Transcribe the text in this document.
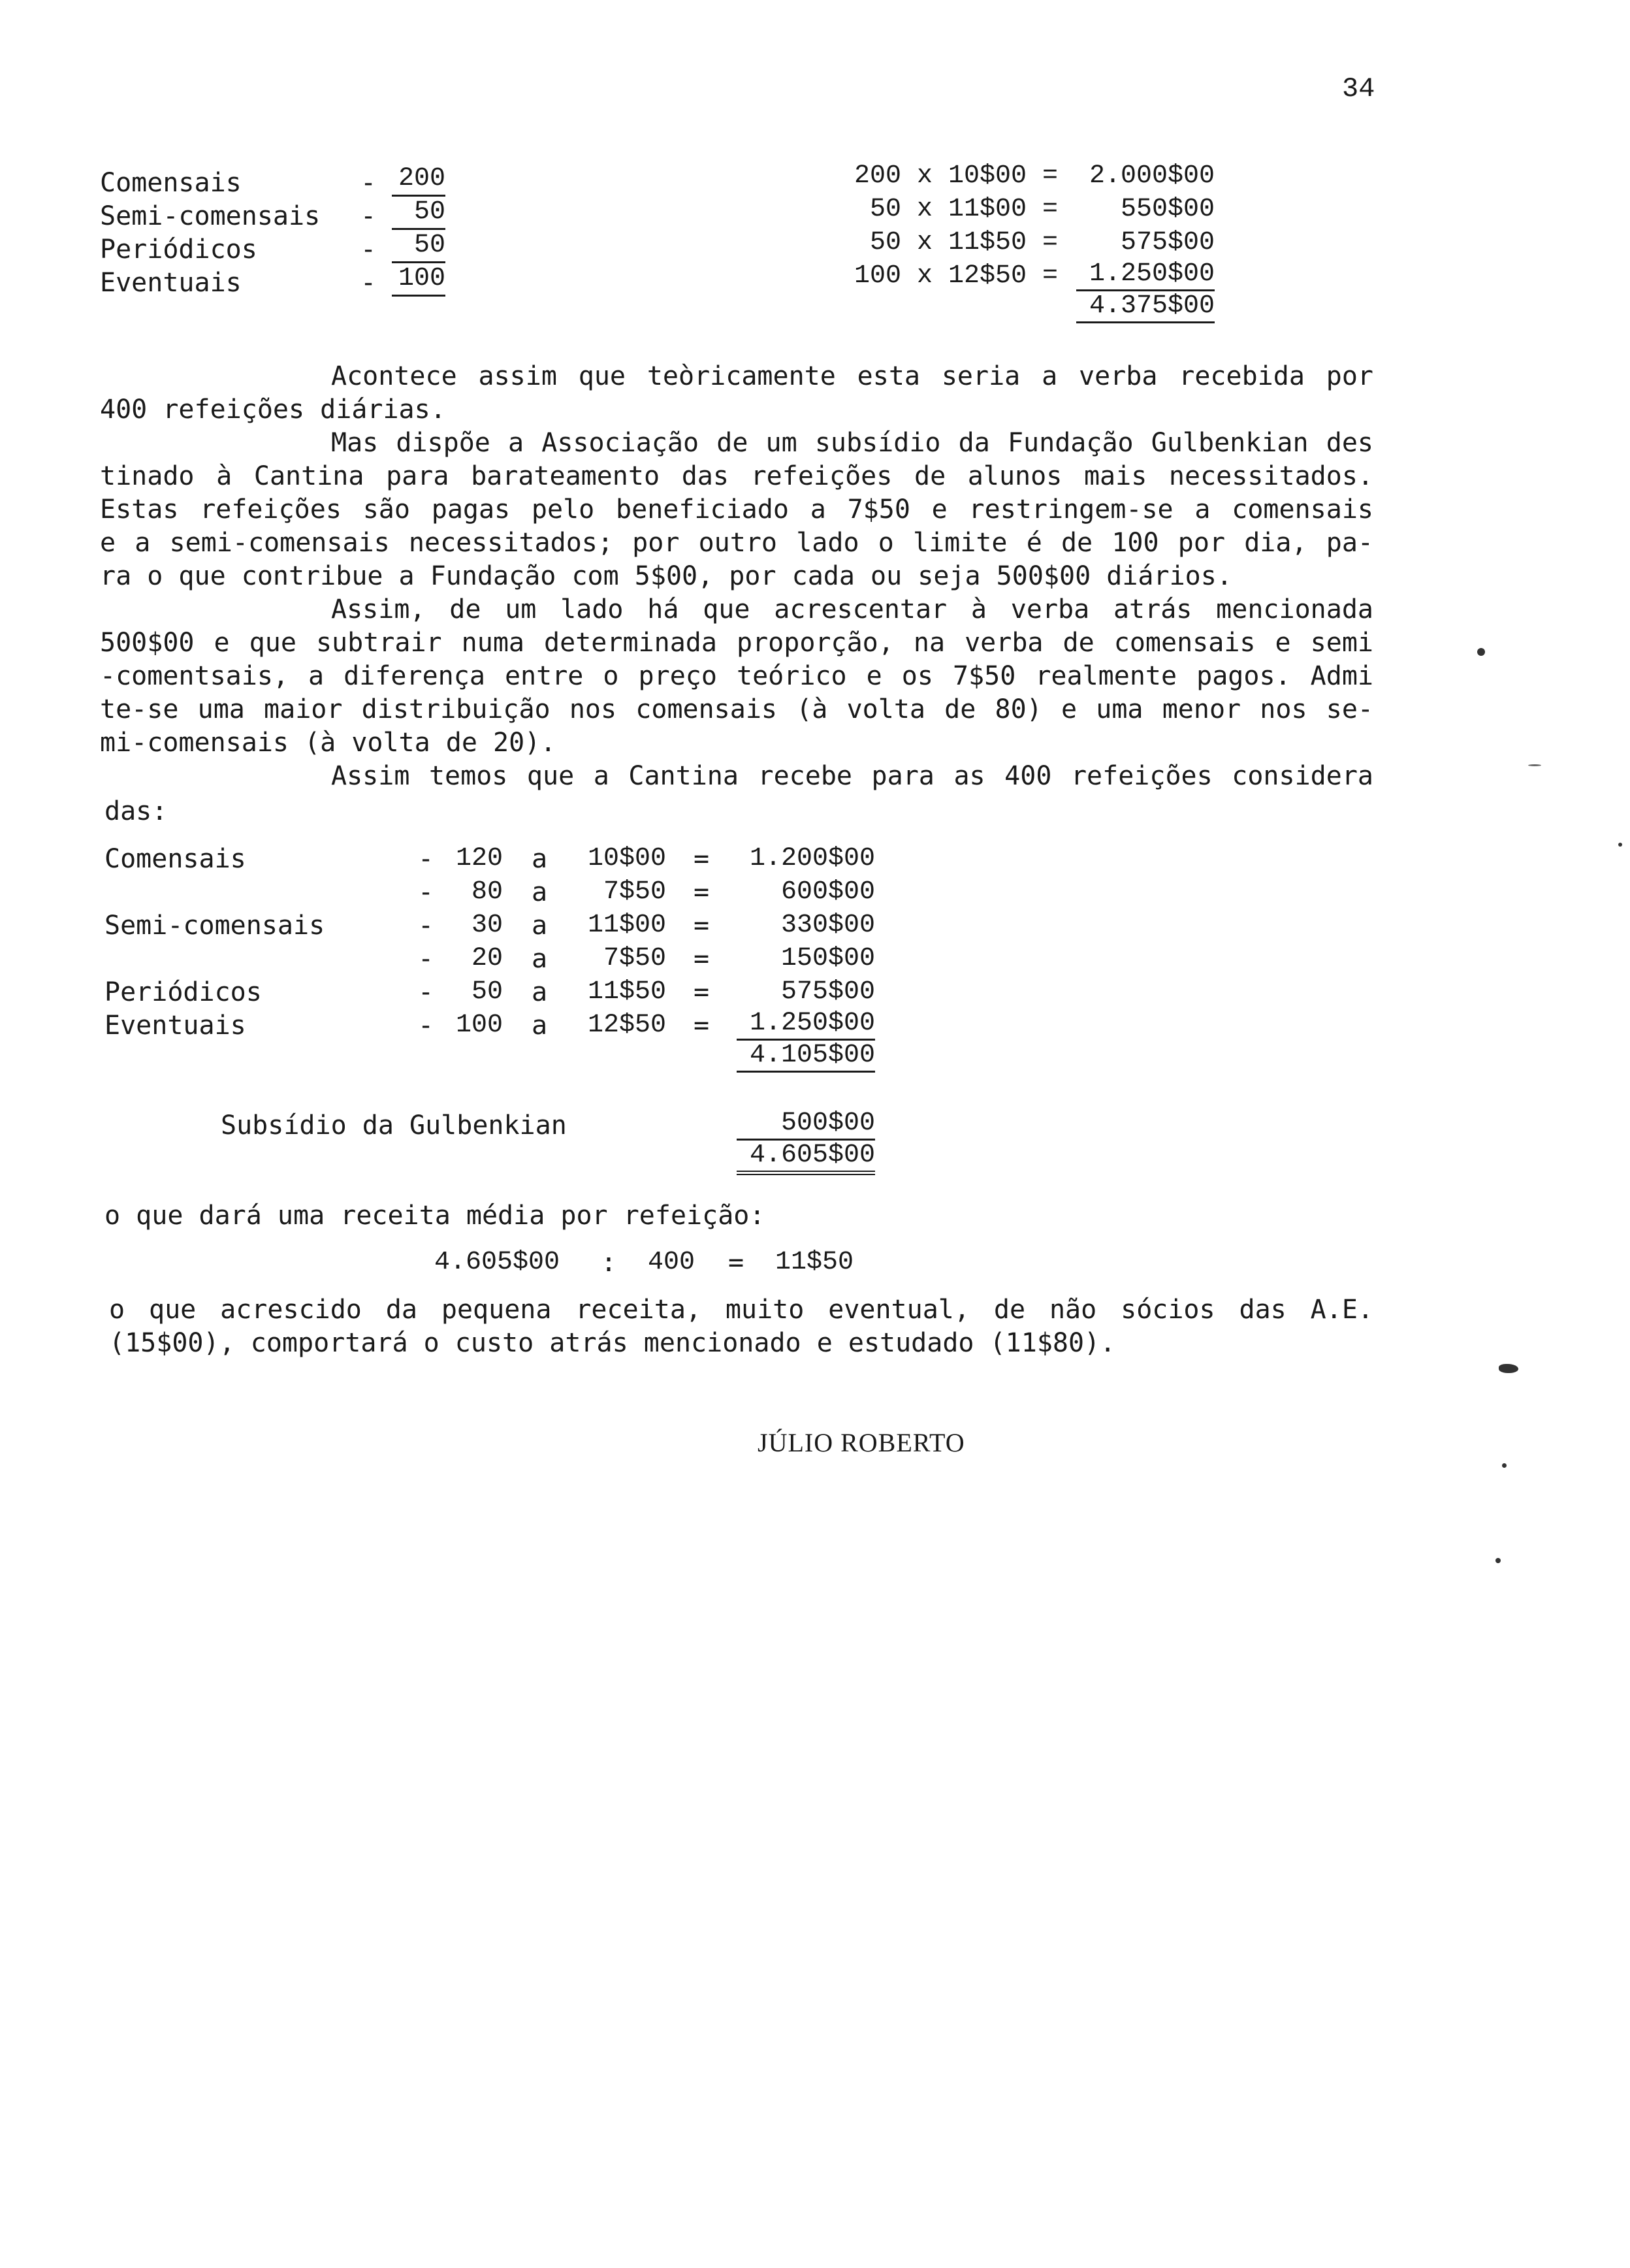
34
Comensais
Semi-comensais
Periódicos
Eventuais
-
-
-
-
200
50
50
100
200 x 10$00 =
50 x 11$00 =
50 x 11$50 =
100 x 12$50 =
2.000$00
550$00
575$00
1.250$00
4.375$00
Acontece assim que teòricamente esta seria a verba recebida por
400 refeições diárias.
Mas dispõe a Associação de um subsídio da Fundação Gulbenkian des
tinado à Cantina para barateamento das refeições de alunos mais necessitados.
Estas refeições são pagas pelo beneficiado a 7$50 e restringem-se a comensais
e a semi-comensais necessitados; por outro lado o limite é de 100 por dia, pa-
ra o que contribue a Fundação com 5$00, por cada ou seja 500$00 diários.
Assim, de um lado há que acrescentar à verba atrás mencionada
500$00 e que subtrair numa determinada proporção, na verba de comensais e semi
-comentsais, a diferença entre o preço teórico e os 7$50 realmente pagos. Admi
te-se uma maior distribuição nos comensais (à volta de 80) e uma menor nos se-
mi-comensais (à volta de 20).
Assim temos que a Cantina recebe para as 400 refeições considera
das:
Comensais
Semi-comensais
Periódicos
Eventuais
-
-
-
-
-
-
120
80
30
20
50
100
a
a
a
a
a
a
10$00
7$50
11$00
7$50
11$50
12$50
=
=
=
=
=
=
1.200$00
600$00
330$00
150$00
575$00
1.250$00
4.105$00
Subsídio da Gulbenkian	500$00
4.605$00
o que dará uma receita média por refeição:
4.605$00 : 400 = 11$50
o que acrescido da pequena receita, muito eventual, de não sócios das A.E.
(15$00), comportará o custo atrás mencionado e estudado (11$80).
JÚLIO ROBERTO
